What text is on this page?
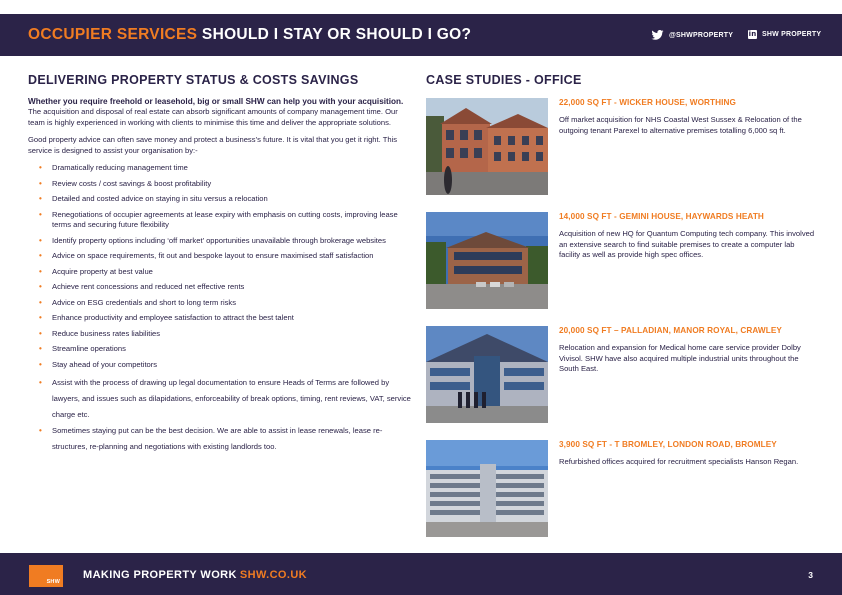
OCCUPIER SERVICES SHOULD I STAY OR SHOULD I GO?	@SHWPROPERTY in SHW PROPERTY
DELIVERING PROPERTY STATUS & COSTS SAVINGS

Whether you require freehold or leasehold, big or small SHW can help you with your acquisition.

The acquisition and disposal of real estate can absorb significant amounts of company management time. Our team is highly experienced in working with clients to minimise this time and deliver the appropriate solutions.

Good property advice can often save money and protect a business’s future. It is vital that you get it right. This service is designed to assist your organisation by:-

• Dramatically reducing management time
• Review costs / cost savings & boost profitability
• Detailed and costed advice on staying in situ versus a relocation
• Renegotiations of occupier agreements at lease expiry with emphasis on cutting costs, improving lease terms and securing future flexibility
• Identify property options including ‘off market’ opportunities unavailable through brokerage websites
• Advice on space requirements, fit out and bespoke layout to ensure maximised staff satisfaction
• Acquire property at best value
• Achieve rent concessions and reduced net effective rents
• Advice on ESG credentials and short to long term risks
• Enhance productivity and employee satisfaction to attract the best talent
• Reduce business rates liabilities
• Streamline operations
• Stay ahead of your competitors
• Assist with the process of drawing up legal documentation to ensure Heads of Terms are followed by lawyers, and issues such as dilapidations, enforceability of break options, timing, rent reviews, VAT, service charge etc.
• Sometimes staying put can be the best decision. We are able to assist in lease renewals, lease re- structures, re-planning and negotiations with existing landlords too.
CASE STUDIES - OFFICE
22,000 SQ FT - WICKER HOUSE, WORTHING
Off market acquisition for NHS Coastal West Sussex & Relocation of the outgoing tenant Parexel to alternative premises totalling 6,000 sq ft.
14,000 SQ FT - GEMINI HOUSE, HAYWARDS HEATH
Acquisition of new HQ for Quantum Computing tech company. This involved an extensive search to find suitable premises to create a computer lab facility as well as provide high spec offices.
20,000 SQ FT – PALLADIAN, MANOR ROYAL, CRAWLEY
Relocation and expansion for Medical home care service provider Dolby Vivisol. SHW have also acquired multiple industrial units throughout the South East.
3,900 SQ FT - T BROMLEY, LONDON ROAD, BROMLEY
Refurbished offices acquired for recruitment specialists Hanson Regan.
SHW
MAKING PROPERTY WORK SHW.CO.UK	3
